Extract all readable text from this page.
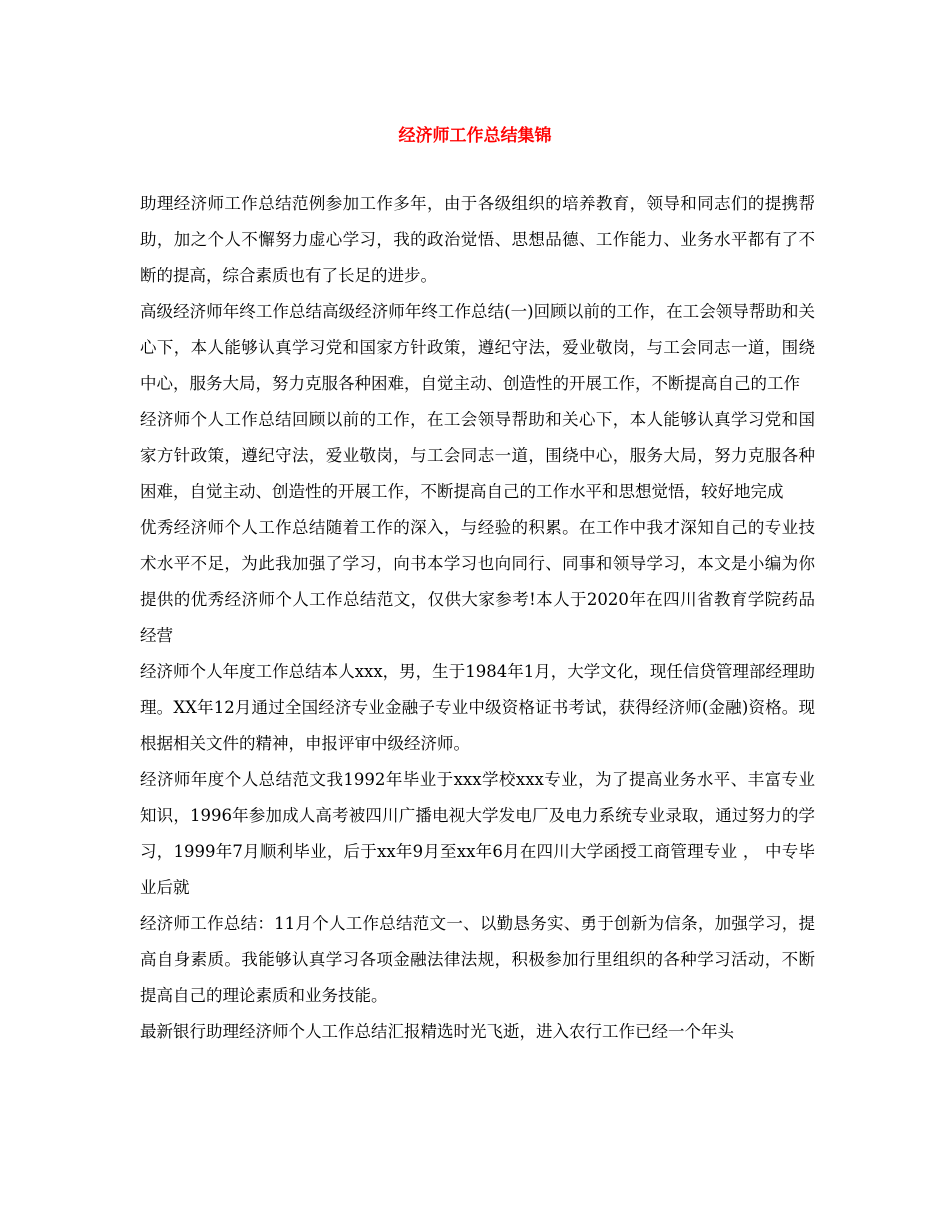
经济师工作总结集锦

助理经济师工作总结范例参加工作多年，由于各级组织的培养教育，领导和同志们的提携帮助，加之个人不懈努力虚心学习，我的政治觉悟、思想品德、工作能力、业务水平都有了不断的提高，综合素质也有了长足的进步。

高级经济师年终工作总结高级经济师年终工作总结(一)回顾以前的工作，在工会领导帮助和关心下，本人能够认真学习党和国家方针政策，遵纪守法，爱业敬岗，与工会同志一道，围绕中心，服务大局，努力克服各种困难，自觉主动、创造性的开展工作，不断提高自己的工作

经济师个人工作总结回顾以前的工作，在工会领导帮助和关心下，本人能够认真学习党和国家方针政策，遵纪守法，爱业敬岗，与工会同志一道，围绕中心，服务大局，努力克服各种困难，自觉主动、创造性的开展工作，不断提高自己的工作水平和思想觉悟，较好地完成

优秀经济师个人工作总结随着工作的深入，与经验的积累。在工作中我才深知自己的专业技术水平不足，为此我加强了学习，向书本学习也向同行、同事和领导学习，本文是小编为你提供的优秀经济师个人工作总结范文，仅供大家参考!本人于2020年在四川省教育学院药品经营

经济师个人年度工作总结本人xxx，男，生于1984年1月，大学文化，现任信贷管理部经理助理。XX年12月通过全国经济专业金融子专业中级资格证书考试，获得经济师(金融)资格。现根据相关文件的精神，申报评审中级经济师。

经济师年度个人总结范文我1992年毕业于xxx学校xxx专业，为了提高业务水平、丰富专业知识，1996年参加成人高考被四川广播电视大学发电厂及电力系统专业录取，通过努力的学习，1999年7月顺利毕业，后于xx年9月至xx年6月在四川大学函授工商管理专业 ， 中专毕业后就

经济师工作总结：11月个人工作总结范文一、以勤恳务实、勇于创新为信条，加强学习，提高自身素质。我能够认真学习各项金融法律法规，积极参加行里组织的各种学习活动，不断提高自己的理论素质和业务技能。

最新银行助理经济师个人工作总结汇报精选时光飞逝，进入农行工作已经一个年头
